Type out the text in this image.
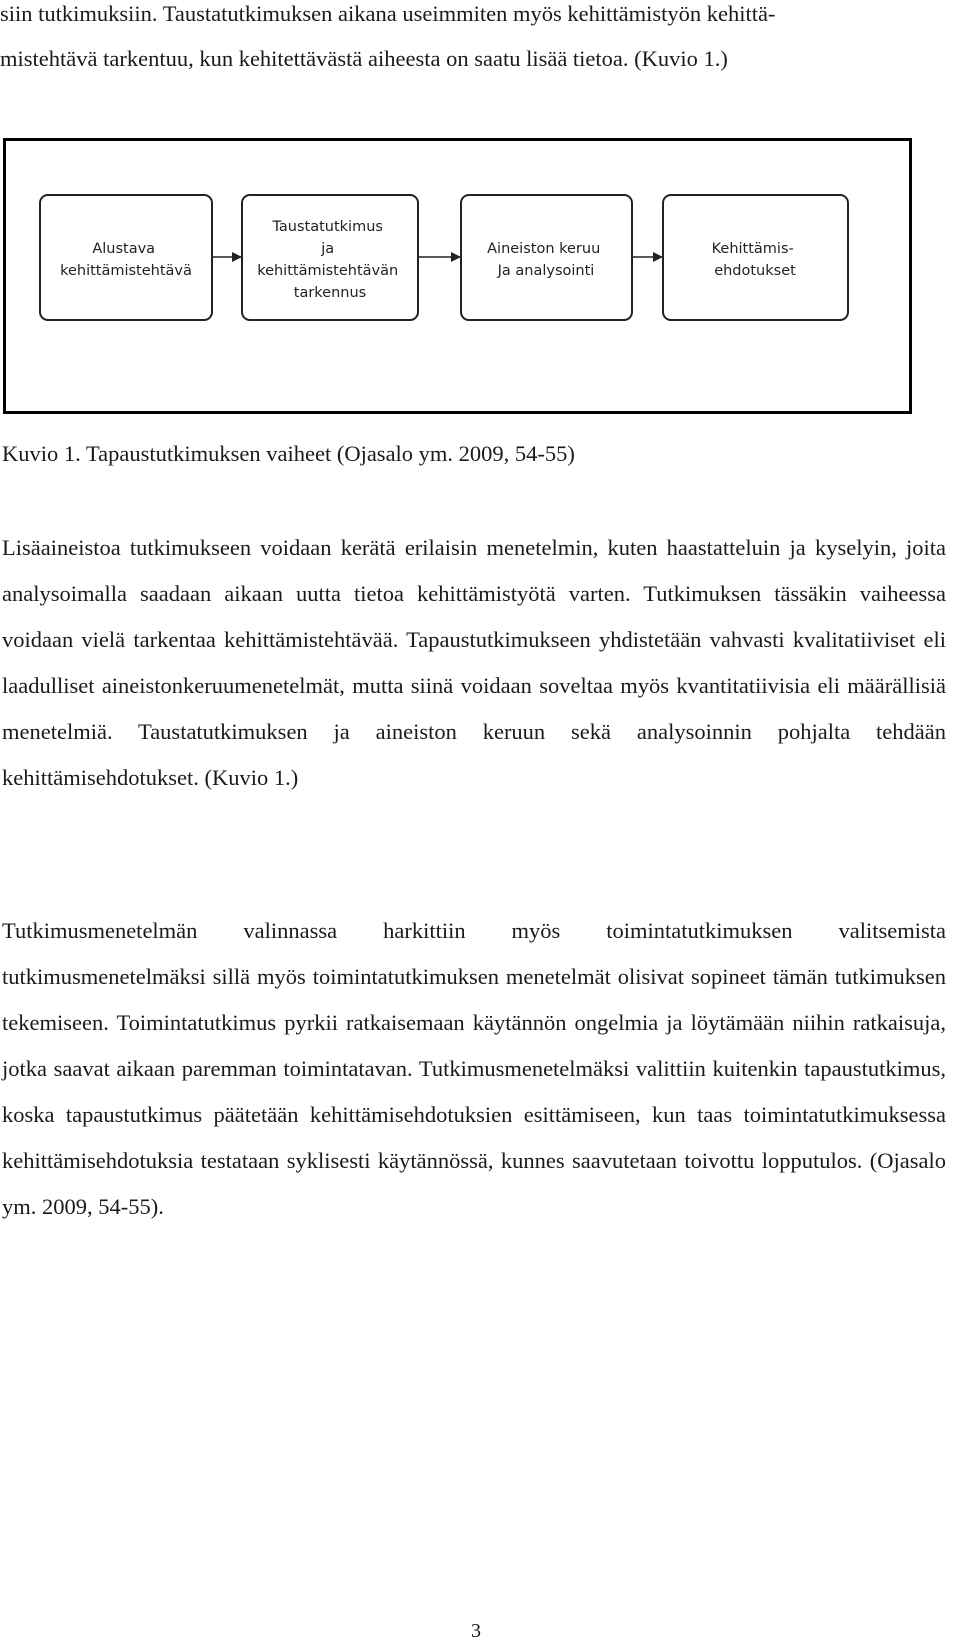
siin tutkimuksiin. Taustatutkimuksen aikana useimmiten myös kehittämistyön kehittä-
mistehtävä tarkentuu, kun kehitettävästä aiheesta on saatu lisää tietoa. (Kuvio 1.)
Alustava kehittämistehtävä
Taustatutkimus ja kehittämistehtävän tarkennus
Aineiston keruu Ja analysointi
Kehittämis- ehdotukset
Kuvio 1. Tapaustutkimuksen vaiheet (Ojasalo ym. 2009, 54-55)

Lisäaineistoa tutkimukseen voidaan kerätä erilaisin menetelmin, kuten haastatteluin ja kyselyin, joita analysoimalla saadaan aikaan uutta tietoa kehittämistyötä varten. Tutkimuksen tässäkin vaiheessa voidaan vielä tarkentaa kehittämistehtävää. Tapaustutkimukseen yhdistetään vahvasti kvalitatiiviset eli laadulliset aineistonkeruumenetelmät, mutta siinä voidaan soveltaa myös kvantitatiivisia eli määrällisiä menetelmiä. Taustatutkimuksen ja aineiston keruun sekä analysoinnin pohjalta tehdään kehittämisehdotukset. (Kuvio 1.)

Tutkimusmenetelmän valinnassa harkittiin myös toimintatutkimuksen valitsemista tutkimusmenetelmäksi sillä myös toimintatutkimuksen menetelmät olisivat sopineet tämän tutkimuksen tekemiseen. Toimintatutkimus pyrkii ratkaisemaan käytännön ongelmia ja löytämään niihin ratkaisuja, jotka saavat aikaan paremman toimintatavan. Tutkimusmenetelmäksi valittiin kuitenkin tapaustutkimus, koska tapaustutkimus päätetään kehittämisehdotuksien esittämiseen, kun taas toimintatutkimuksessa kehittämisehdotuksia testataan syklisesti käytännössä, kunnes saavutetaan toivottu lopputulos. (Ojasalo ym. 2009, 54-55).

3
